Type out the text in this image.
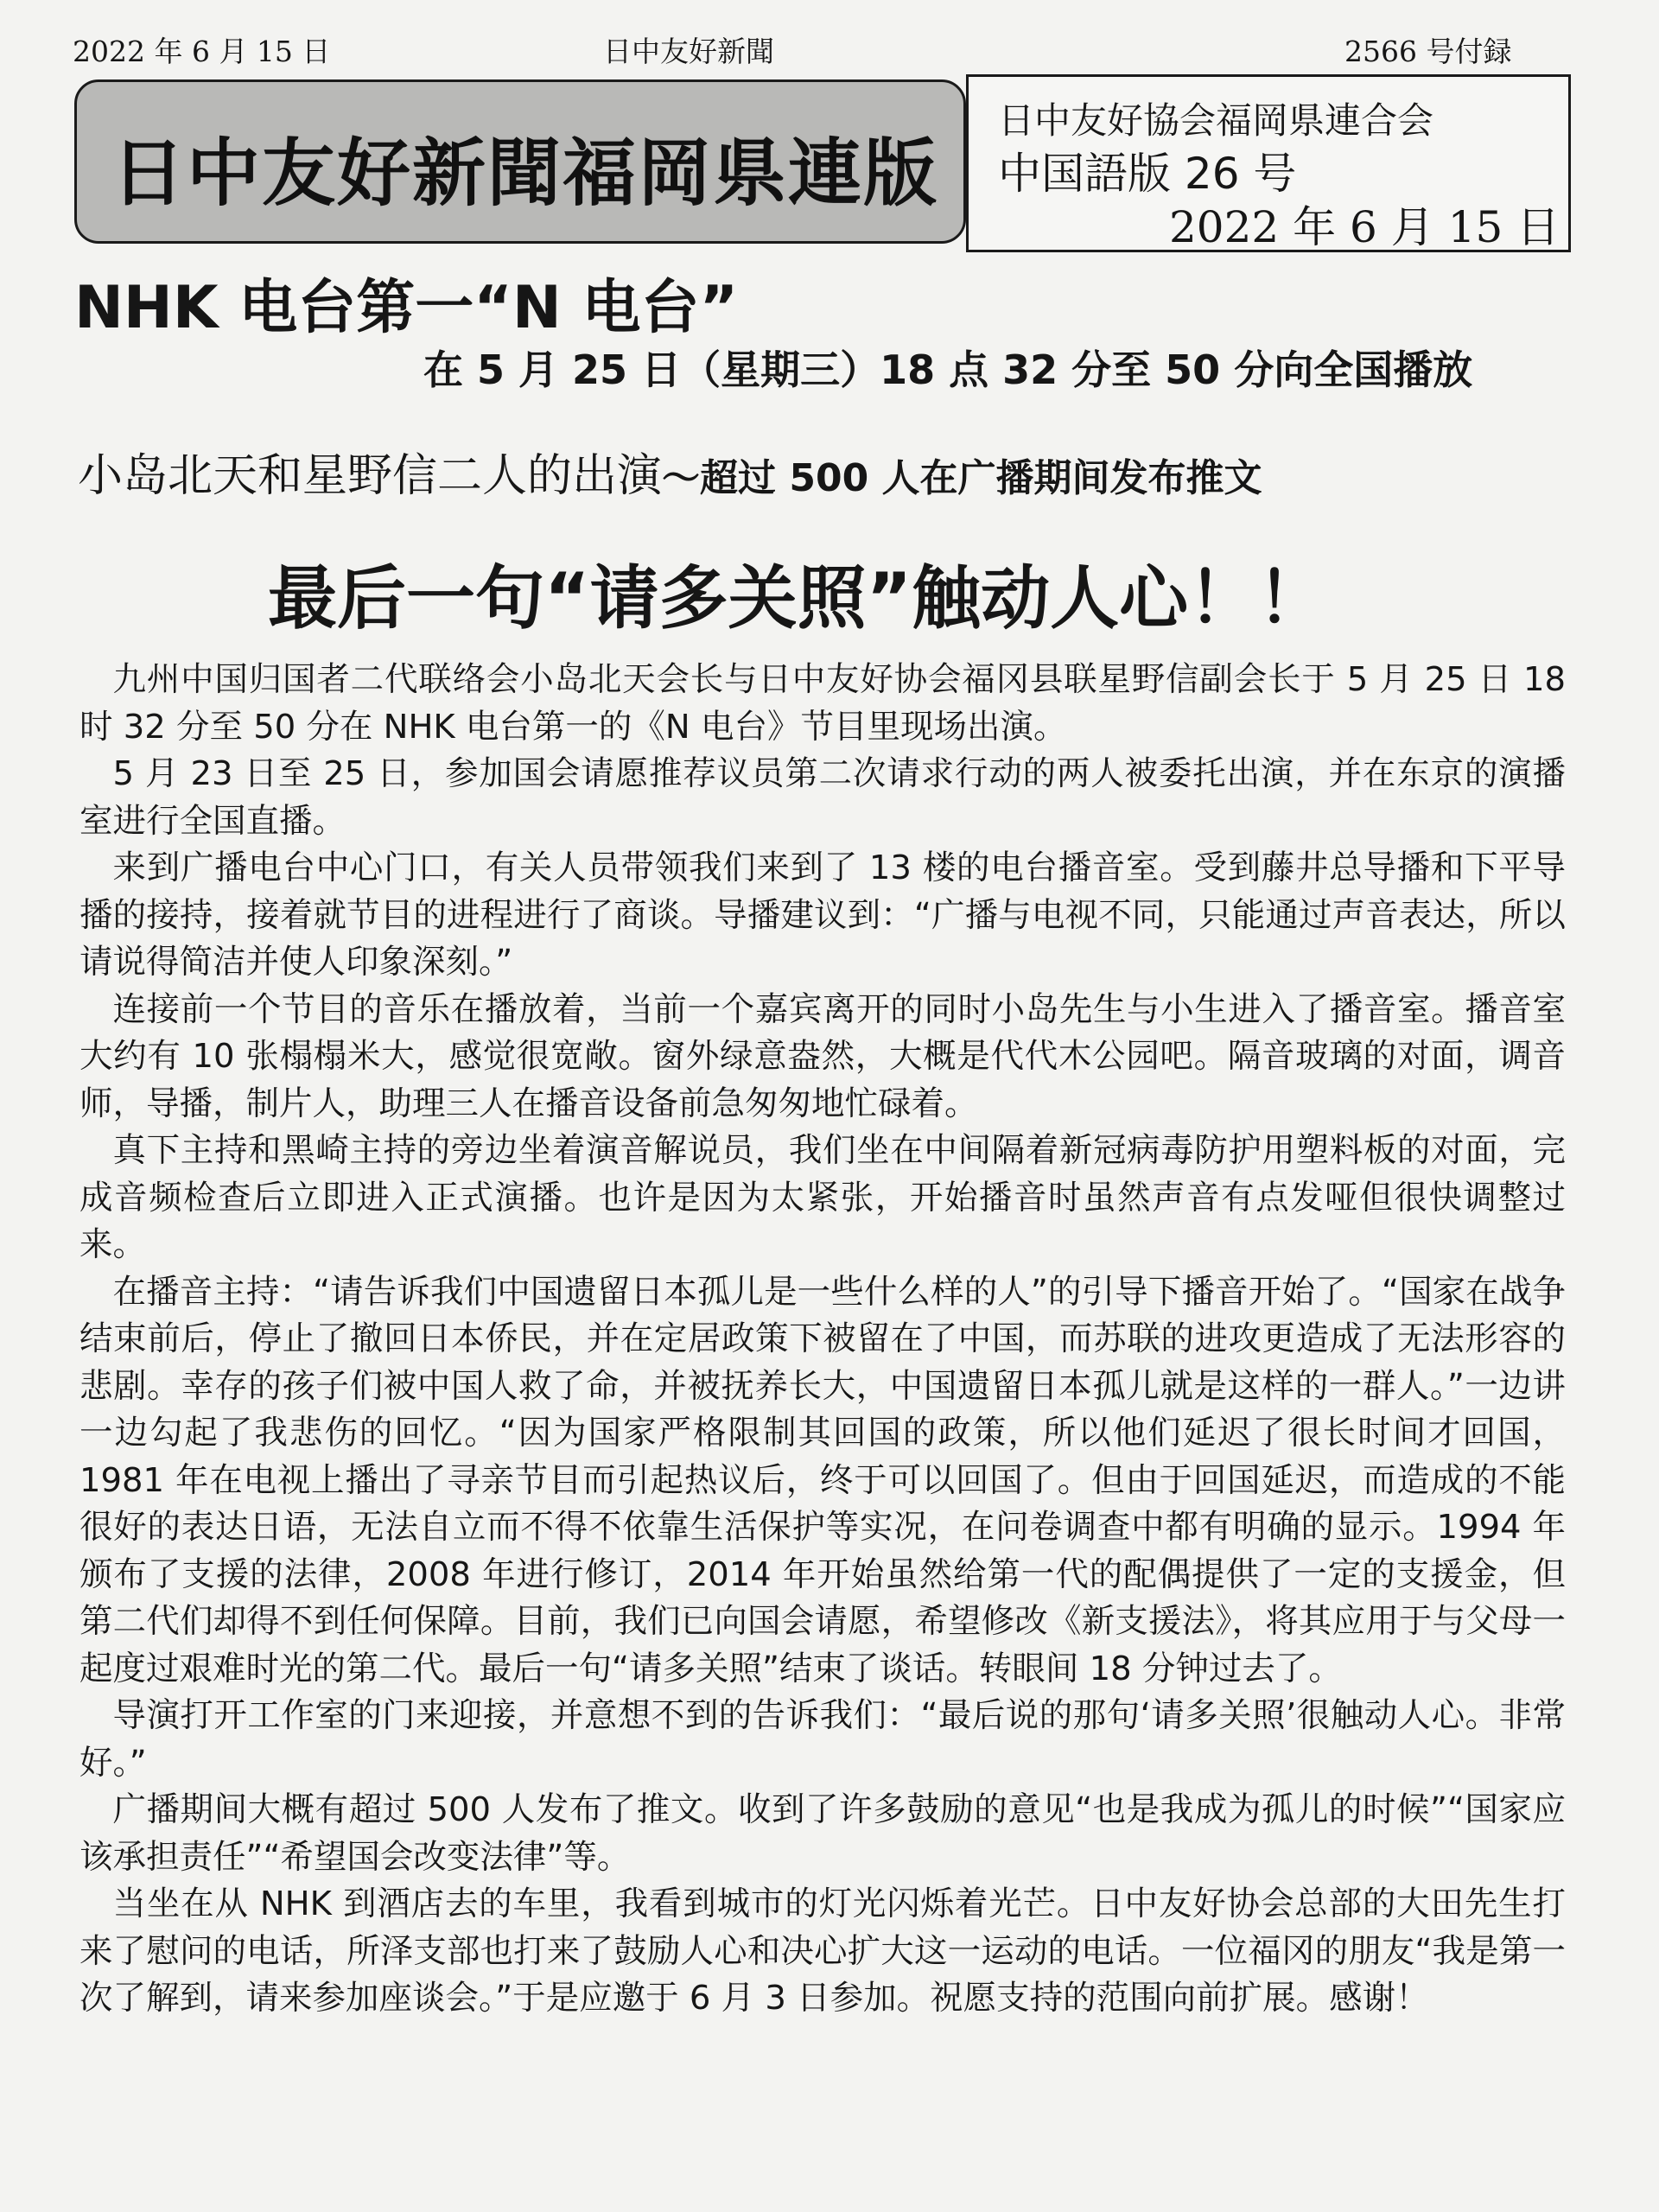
2022 年 6 月 15 日	日中友好新聞	2566 号付録
日中友好新聞福岡県連版
日中友好協会福岡県連合会
中国語版 26 号
2022 年 6 月 15 日
NHK 电台第一“N 电台”
在 5 月 25 日（星期三）18 点 32 分至 50 分向全国播放
小岛北天和星野信二人的出演～超过 500 人在广播期间发布推文
最后一句“请多关照”触动人心！！

九州中国归国者二代联络会小岛北天会长与日中友好协会福冈县联星野信副会长于 5 月 25 日 18 时 32 分至 50 分在 NHK 电台第一的《N 电台》节目里现场出演。

5 月 23 日至 25 日，参加国会请愿推荐议员第二次请求行动的两人被委托出演，并在东京的演播室进行全国直播。

来到广播电台中心门口，有关人员带领我们来到了 13 楼的电台播音室。受到藤井总导播和下平导播的接持，接着就节目的进程进行了商谈。导播建议到：“广播与电视不同，只能通过声音表达，所以请说得简洁并使人印象深刻。”

连接前一个节目的音乐在播放着，当前一个嘉宾离开的同时小岛先生与小生进入了播音室。播音室大约有 10 张榻榻米大，感觉很宽敞。窗外绿意盎然，大概是代代木公园吧。隔音玻璃的对面，调音师，导播，制片人，助理三人在播音设备前急匆匆地忙碌着。

真下主持和黑崎主持的旁边坐着演音解说员，我们坐在中间隔着新冠病毒防护用塑料板的对面，完成音频检查后立即进入正式演播。也许是因为太紧张，开始播音时虽然声音有点发哑但很快调整过来。

在播音主持：“请告诉我们中国遗留日本孤儿是一些什么样的人”的引导下播音开始了。“国家在战争结束前后，停止了撤回日本侨民，并在定居政策下被留在了中国，而苏联的进攻更造成了无法形容的悲剧。幸存的孩子们被中国人救了命，并被抚养长大，中国遗留日本孤儿就是这样的一群人。”一边讲一边勾起了我悲伤的回忆。“因为国家严格限制其回国的政策，所以他们延迟了很长时间才回国，1981 年在电视上播出了寻亲节目而引起热议后，终于可以回国了。但由于回国延迟，而造成的不能很好的表达日语，无法自立而不得不依靠生活保护等实况，在问卷调查中都有明确的显示。1994 年颁布了支援的法律，2008 年进行修订，2014 年开始虽然给第一代的配偶提供了一定的支援金，但第二代们却得不到任何保障。目前，我们已向国会请愿，希望修改《新支援法》，将其应用于与父母一起度过艰难时光的第二代。最后一句“请多关照”结束了谈话。转眼间 18 分钟过去了。

导演打开工作室的门来迎接，并意想不到的告诉我们：“最后说的那句‘请多关照’很触动人心。非常好。”

广播期间大概有超过 500 人发布了推文。收到了许多鼓励的意见“也是我成为孤儿的时候”“国家应该承担责任”“希望国会改变法律”等。

当坐在从 NHK 到酒店去的车里，我看到城市的灯光闪烁着光芒。日中友好协会总部的大田先生打来了慰问的电话，所泽支部也打来了鼓励人心和决心扩大这一运动的电话。一位福冈的朋友“我是第一次了解到，请来参加座谈会。”于是应邀于 6 月 3 日参加。祝愿支持的范围向前扩展。感谢！
